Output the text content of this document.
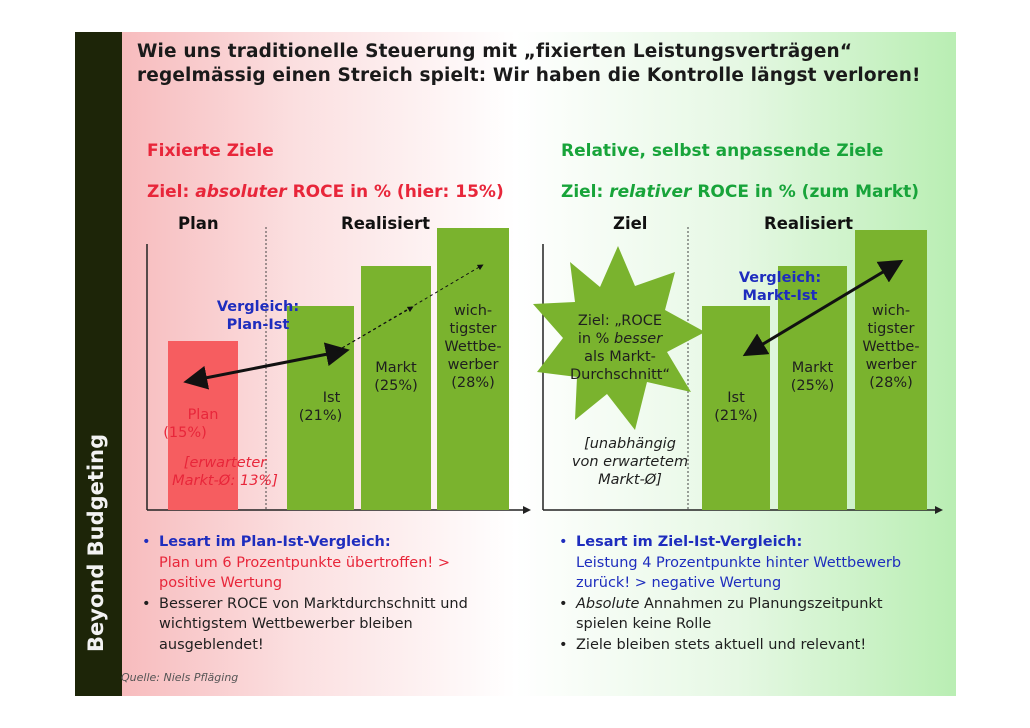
Beyond Budgeting
Wie uns traditionelle Steuerung mit „fixierten Leistungsverträgen“
regelmässig einen Streich spielt: Wir haben die Kontrolle längst verloren!
Fixierte Ziele
Ziel: absoluter ROCE in % (hier: 15%)
Relative, selbst anpassende Ziele
Ziel: relativer ROCE in % (zum Markt)
Plan	Realisiert	Ziel	Realisiert
Plan
(15%)
[erwarteter
Markt-Ø: 13%]
Ist
(21%)
Markt
(25%)
wich-
tigster
Wettbe-
werber
(28%)
Vergleich:
Plan-Ist	Ziel: „ROCE
in % besser
als Markt-
Durchschnitt“
[unabhängig
von erwartetem
Markt-Ø]
Vergleich:
Markt-Ist
Ist
(21%)
Markt
(25%)
wich-
tigster
Wettbe-
werber
(28%)
• Lesart im Plan-Ist-Vergleich:
Plan um 6 Prozentpunkte übertroffen! >
positive Wertung
• Besserer ROCE von Marktdurchschnitt und
wichtigstem Wettbewerber bleiben
ausgeblendet!
• Lesart im Ziel-Ist-Vergleich:
Leistung 4 Prozentpunkte hinter Wettbewerb
zurück! > negative Wertung
• Absolute Annahmen zu Planungszeitpunkt
spielen keine Rolle
• Ziele bleiben stets aktuell und relevant!
Quelle: Niels Pfläging
